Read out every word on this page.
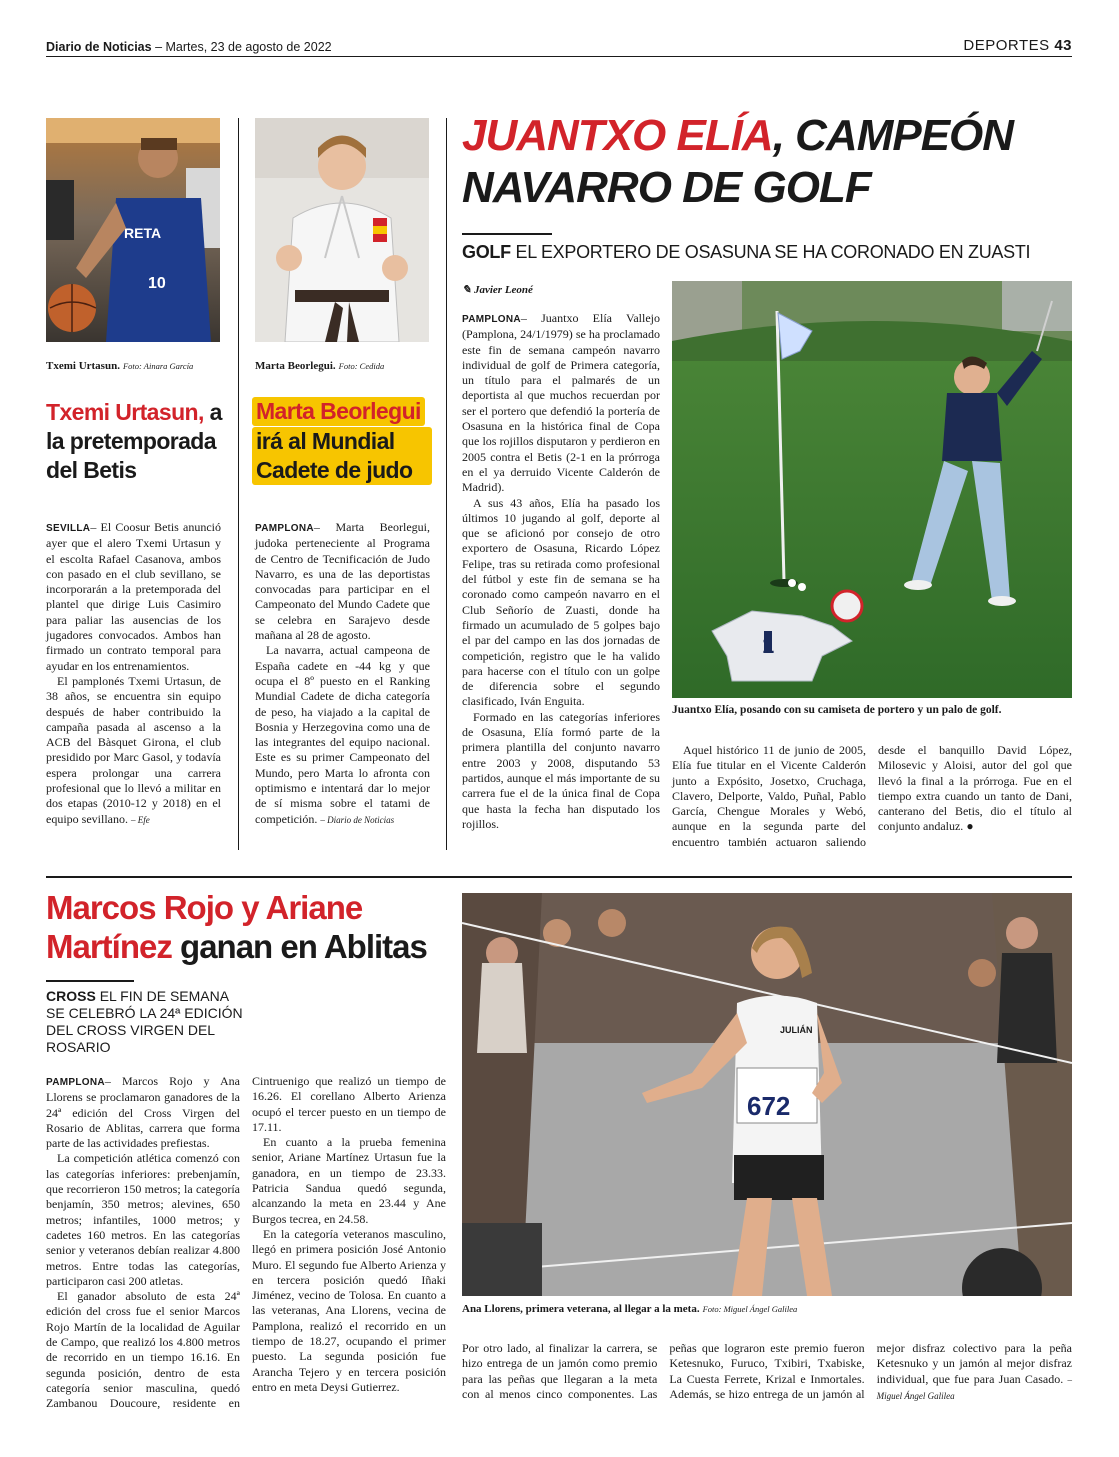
Diario de Noticias – Martes, 23 de agosto de 2022	DEPORTES 43
RETA
10
Txemi Urtasun. Foto: Ainara García
Txemi Urtasun, a la pretemporada del Betis

SEVILLA– El Coosur Betis anunció ayer que el alero Txemi Urtasun y el escolta Rafael Casanova, ambos con pasado en el club sevillano, se incorporarán a la pretemporada del plantel que dirige Luis Casimiro para paliar las ausencias de los jugadores convocados. Ambos han firmado un contrato temporal para ayudar en los entrenamientos.

El pamplonés Txemi Urtasun, de 38 años, se encuentra sin equipo después de haber contribuido la campaña pasada al ascenso a la ACB del Bàsquet Girona, el club presidido por Marc Gasol, y todavía espera prolongar una carrera profesional que lo llevó a militar en dos etapas (2010-12 y 2018) en el equipo sevillano. – Efe

Marta Beorlegui. Foto: Cedida
Marta Beorlegui irá al Mundial Cadete de judo

PAMPLONA– Marta Beorlegui, judoka perteneciente al Programa de Centro de Tecnificación de Judo Navarro, es una de las deportistas convocadas para participar en el Campeonato del Mundo Cadete que se celebra en Sarajevo desde mañana al 28 de agosto.

La navarra, actual campeona de España cadete en -44 kg y que ocupa el 8º puesto en el Ranking Mundial Cadete de dicha categoría de peso, ha viajado a la capital de Bosnia y Herzegovina como una de las integrantes del equipo nacional. Este es su primer Campeonato del Mundo, pero Marta lo afronta con optimismo e intentará dar lo mejor de sí misma sobre el tatami de competición. – Diario de Noticias

JUANTXO ELÍA, CAMPEÓN
NAVARRO DE GOLF
GOLF EL EXPORTERO DE OSASUNA SE HA CORONADO EN ZUASTI
✎ Javier Leoné

PAMPLONA– Juantxo Elía Vallejo (Pamplona, 24/1/1979) se ha proclamado este fin de semana campeón navarro individual de golf de Primera categoría, un título para el palmarés de un deportista al que muchos recuerdan por ser el portero que defendió la portería de Osasuna en la histórica final de Copa que los rojillos disputaron y perdieron en 2005 contra el Betis (2-1 en la prórroga en el ya derruido Vicente Calderón de Madrid).

A sus 43 años, Elía ha pasado los últimos 10 jugando al golf, deporte al que se aficionó por consejo de otro exportero de Osasuna, Ricardo López Felipe, tras su retirada como profesional del fútbol y este fin de semana se ha coronado como campeón navarro en el Club Señorío de Zuasti, donde ha firmado un acumulado de 5 golpes bajo el par del campo en las dos jornadas de competición, registro que le ha valido para hacerse con el título con un golpe de diferencia sobre el segundo clasificado, Iván Enguita.

Formado en las categorías inferiores de Osasuna, Elía formó parte de la primera plantilla del conjunto navarro entre 2003 y 2008, disputando 53 partidos, aunque el más importante de su carrera fue el de la única final de Copa que hasta la fecha han disputado los rojillos.

1
Juantxo Elía, posando con su camiseta de portero y un palo de golf.

Aquel histórico 11 de junio de 2005, Elía fue titular en el Vicente Calderón junto a Expósito, Josetxo, Cruchaga, Clavero, Delporte, Valdo, Puñal, Pablo García, Chengue Morales y Webó, aunque en la segunda parte del encuentro también actuaron saliendo desde el banquillo David López, Milosevic y Aloisi, autor del gol que llevó la final a la prórroga. Fue en el tiempo extra cuando un tanto de Dani, canterano del Betis, dio el título al conjunto andaluz. ●

Marcos Rojo y Ariane
Martínez ganan en Ablitas
CROSS EL FIN DE SEMANA SE CELEBRÓ LA 24ª EDICIÓN DEL CROSS VIRGEN DEL ROSARIO

PAMPLONA– Marcos Rojo y Ana Llorens se proclamaron ganadores de la 24ª edición del Cross Virgen del Rosario de Ablitas, carrera que forma parte de las actividades prefiestas.

La competición atlética comenzó con las categorías inferiores: prebenjamín, que recorrieron 150 metros; la categoría benjamín, 350 metros; alevines, 650 metros; infantiles, 1000 metros; y cadetes 160 metros. En las categorías senior y veteranos debían realizar 4.800 metros. Entre todas las categorías, participaron casi 200 atletas.

El ganador absoluto de esta 24ª edición del cross fue el senior Marcos Rojo Martín de la localidad de Aguilar de Campo, que realizó los 4.800 metros de recorrido en un tiempo 16.16. En segunda posición, dentro de esta categoría senior masculina, quedó Zambanou Doucoure, residente en Cintruenigo que realizó un tiempo de 16.26. El corellano Alberto Arienza ocupó el tercer puesto en un tiempo de 17.11.

En cuanto a la prueba femenina senior, Ariane Martínez Urtasun fue la ganadora, en un tiempo de 23.33. Patricia Sandua quedó segunda, alcanzando la meta en 23.44 y Ane Burgos tecrea, en 24.58.

En la categoría veteranos masculino, llegó en primera posición José Antonio Muro. El segundo fue Alberto Arienza y en tercera posición quedó Iñaki Jiménez, vecino de Tolosa. En cuanto a las veteranas, Ana Llorens, vecina de Pamplona, realizó el recorrido en un tiempo de 18.27, ocupando el primer puesto. La segunda posición fue Arancha Tejero y en tercera posición entro en meta Deysi Gutierrez.

672
JULIÁN
Ana Llorens, primera veterana, al llegar a la meta. Foto: Miguel Ángel Galilea

Por otro lado, al finalizar la carrera, se hizo entrega de un jamón como premio para las peñas que llegaran a la meta con al menos cinco componentes. Las peñas que lograron este premio fueron Ketesnuko, Furuco, Txibiri, Txabiske, La Cuesta Ferrete, Krizal e Inmortales. Además, se hizo entrega de un jamón al mejor disfraz colectivo para la peña Ketesnuko y un jamón al mejor disfraz individual, que fue para Juan Casado. – Miguel Ángel Galilea
